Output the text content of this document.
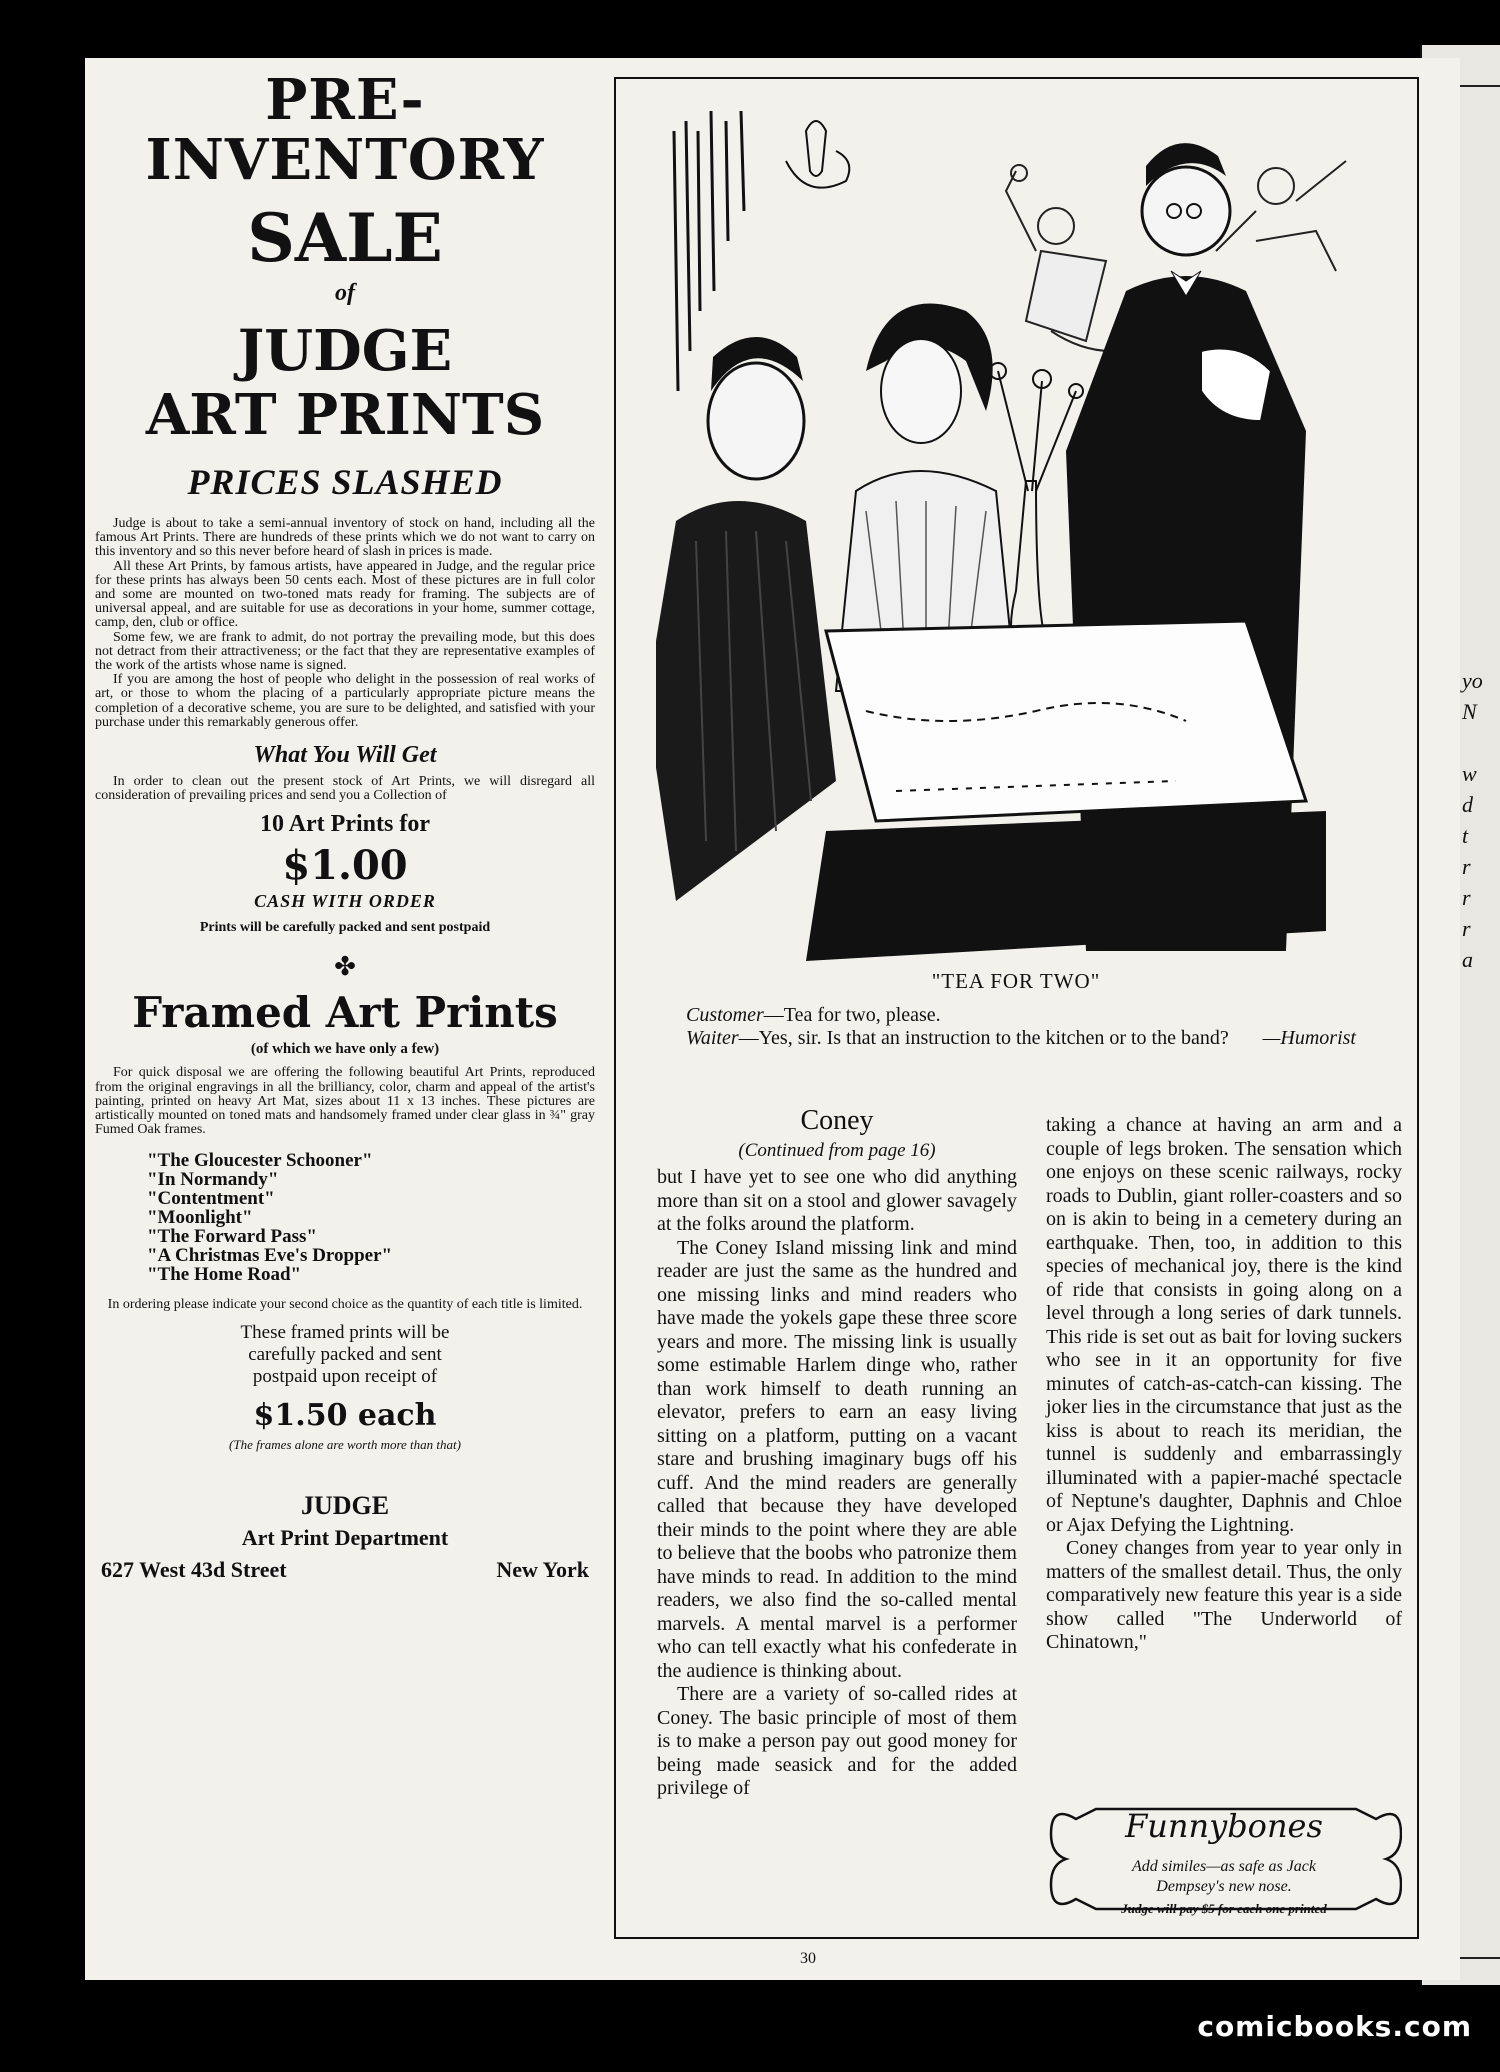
yo
N

w
d
t
r
r
r
a
PRE-
INVENTORY
SALE
of
JUDGE
ART PRINTS
PRICES SLASHED

Judge is about to take a semi-annual inventory of stock on hand, including all the famous Art Prints. There are hundreds of these prints which we do not want to carry on this inventory and so this never before heard of slash in prices is made.

All these Art Prints, by famous artists, have appeared in Judge, and the regular price for these prints has always been 50 cents each. Most of these pictures are in full color and some are mounted on two-toned mats ready for framing. The subjects are of universal appeal, and are suitable for use as decorations in your home, summer cottage, camp, den, club or office.

Some few, we are frank to admit, do not portray the prevailing mode, but this does not detract from their attractiveness; or the fact that they are representative examples of the work of the artists whose name is signed.

If you are among the host of people who delight in the possession of real works of art, or those to whom the placing of a particularly appropriate picture means the completion of a decorative scheme, you are sure to be delighted, and satisfied with your purchase under this remarkably generous offer.

What You Will Get

In order to clean out the present stock of Art Prints, we will disregard all consideration of prevailing prices and send you a Collection of

10 Art Prints for
$1.00
CASH WITH ORDER
Prints will be carefully packed and sent postpaid
✤
Framed Art Prints
(of which we have only a few)

For quick disposal we are offering the following beautiful Art Prints, reproduced from the original engravings in all the brilliancy, color, charm and appeal of the artist's painting, printed on heavy Art Mat, sizes about 11 x 13 inches. These pictures are artistically mounted on toned mats and handsomely framed under clear glass in ¾" gray Fumed Oak frames.

"The Gloucester Schooner"
"In Normandy"
"Contentment"
"Moonlight"
"The Forward Pass"
"A Christmas Eve's Dropper"
"The Home Road"
In ordering please indicate your second choice as the quantity of each title is limited.
These framed prints will be
carefully packed and sent
postpaid upon receipt of
$1.50 each
(The frames alone are worth more than that)
JUDGE
Art Print Department
627 West 43d Street	New York
"TEA FOR TWO"
Customer—Tea for two, please.
Waiter—Yes, sir. Is that an instruction to the kitchen or to the band?	—Humorist
Coney
(Continued from page 16)

but I have yet to see one who did anything more than sit on a stool and glower savagely at the folks around the platform.

The Coney Island missing link and mind reader are just the same as the hundred and one missing links and mind readers who have made the yokels gape these three score years and more. The missing link is usually some estimable Harlem dinge who, rather than work himself to death running an elevator, prefers to earn an easy living sitting on a platform, putting on a vacant stare and brushing imaginary bugs off his cuff. And the mind readers are generally called that because they have developed their minds to the point where they are able to believe that the boobs who patronize them have minds to read. In addition to the mind readers, we also find the so-called mental marvels. A mental marvel is a performer who can tell exactly what his confederate in the audience is thinking about.

There are a variety of so-called rides at Coney. The basic principle of most of them is to make a person pay out good money for being made seasick and for the added privilege of

taking a chance at having an arm and a couple of legs broken. The sensation which one enjoys on these scenic railways, rocky roads to Dublin, giant roller-coasters and so on is akin to being in a cemetery during an earthquake. Then, too, in addition to this species of mechanical joy, there is the kind of ride that consists in going along on a level through a long series of dark tunnels. This ride is set out as bait for loving suckers who see in it an opportunity for five minutes of catch-as-catch-can kissing. The joker lies in the circumstance that just as the kiss is about to reach its meridian, the tunnel is suddenly and embarrassingly illuminated with a papier-maché spectacle of Neptune's daughter, Daphnis and Chloe or Ajax Defying the Lightning.

Coney changes from year to year only in matters of the smallest detail. Thus, the only comparatively new feature this year is a side show called "The Underworld of Chinatown,"

Funnybones
Add similes—as safe as Jack
Dempsey's new nose.
Judge will pay $5 for each one printed
30
comicbooks.com
